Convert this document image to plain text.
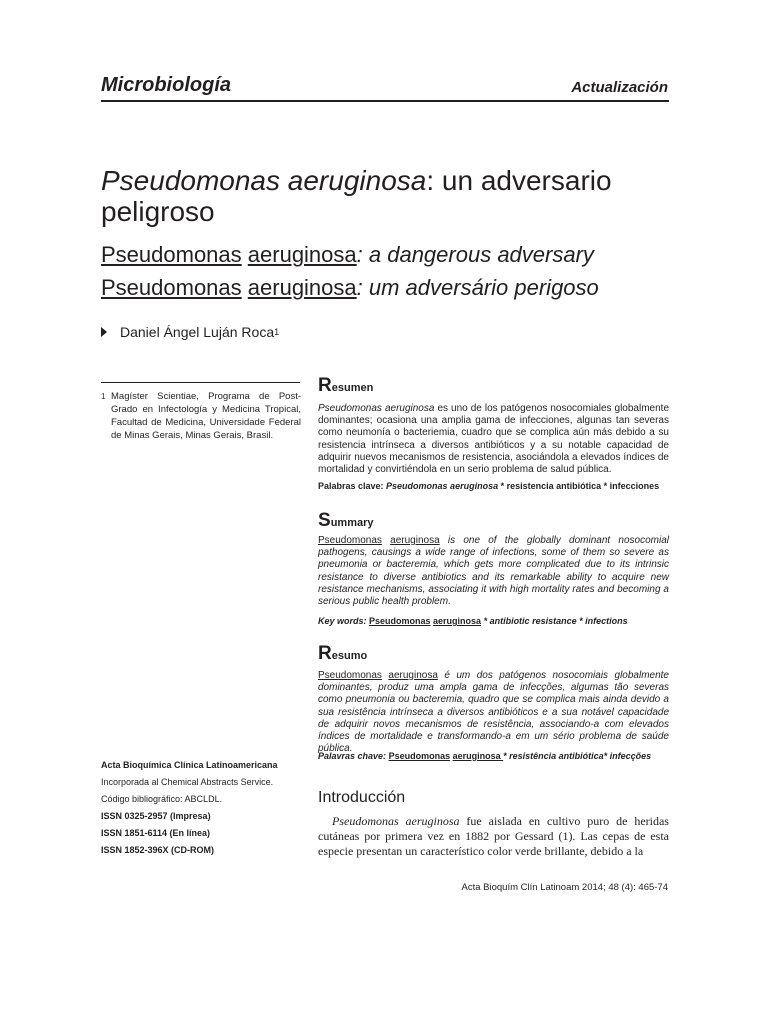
Microbiología	Actualización
Pseudomonas aeruginosa: un adversario peligroso
Pseudomonas aeruginosa: a dangerous adversary
Pseudomonas aeruginosa: um adversário perigoso
Daniel Ángel Luján Roca 1
1 Magíster Scientiae, Programa de Post-Grado en Infectología y Medicina Tropical, Facultad de Medicina, Universidade Federal de Minas Gerais, Minas Gerais, Brasil.
Acta Bioquímica Clínica Latinoamericana
Incorporada al Chemical Abstracts Service.
Código bibliográfico: ABCLDL.
ISSN 0325-2957 (Impresa)
ISSN 1851-6114 (En línea)
ISSN 1852-396X (CD-ROM)
Resumen
Pseudomonas aeruginosa es uno de los patógenos nosocomiales globalmente dominantes; ocasiona una amplia gama de infecciones, algunas tan severas como neumonía o bacteriemia, cuadro que se complica aún más debido a su resistencia intrínseca a diversos antibióticos y a su notable capacidad de adquirir nuevos mecanismos de resistencia, asociándola a elevados índices de mortalidad y convirtiéndola en un serio problema de salud pública.
Palabras clave: Pseudomonas aeruginosa * resistencia antibiótica * infecciones
Summary
Pseudomonas aeruginosa is one of the globally dominant nosocomial pathogens, causings a wide range of infections, some of them so severe as pneumonia or bacteremia, which gets more complicated due to its intrinsic resistance to diverse antibiotics and its remarkable ability to acquire new resistance mechanisms, associating it with high mortality rates and becoming a serious public health problem.
Key words: Pseudomonas aeruginosa * antibiotic resistance * infections
Resumo
Pseudomonas aeruginosa é um dos patógenos nosocomiais globalmente dominantes, produz uma ampla gama de infecções, algumas tão severas como pneumonia ou bacteremia, quadro que se complica mais ainda devido a sua resistência intrínseca a diversos antibióticos e a sua notável capacidade de adquirir novos mecanismos de resistência, associando-a com elevados índices de mortalidade e transformando-a em um sério problema de saúde pública.
Palavras chave: Pseudomonas aeruginosa * resistência antibiótica* infecções
Introducción
Pseudomonas aeruginosa fue aislada en cultivo puro de heridas cutáneas por primera vez en 1882 por Gessard (1). Las cepas de esta especie presentan un característico color verde brillante, debido a la
Acta Bioquím Clín Latinoam 2014; 48 (4): 465-74
